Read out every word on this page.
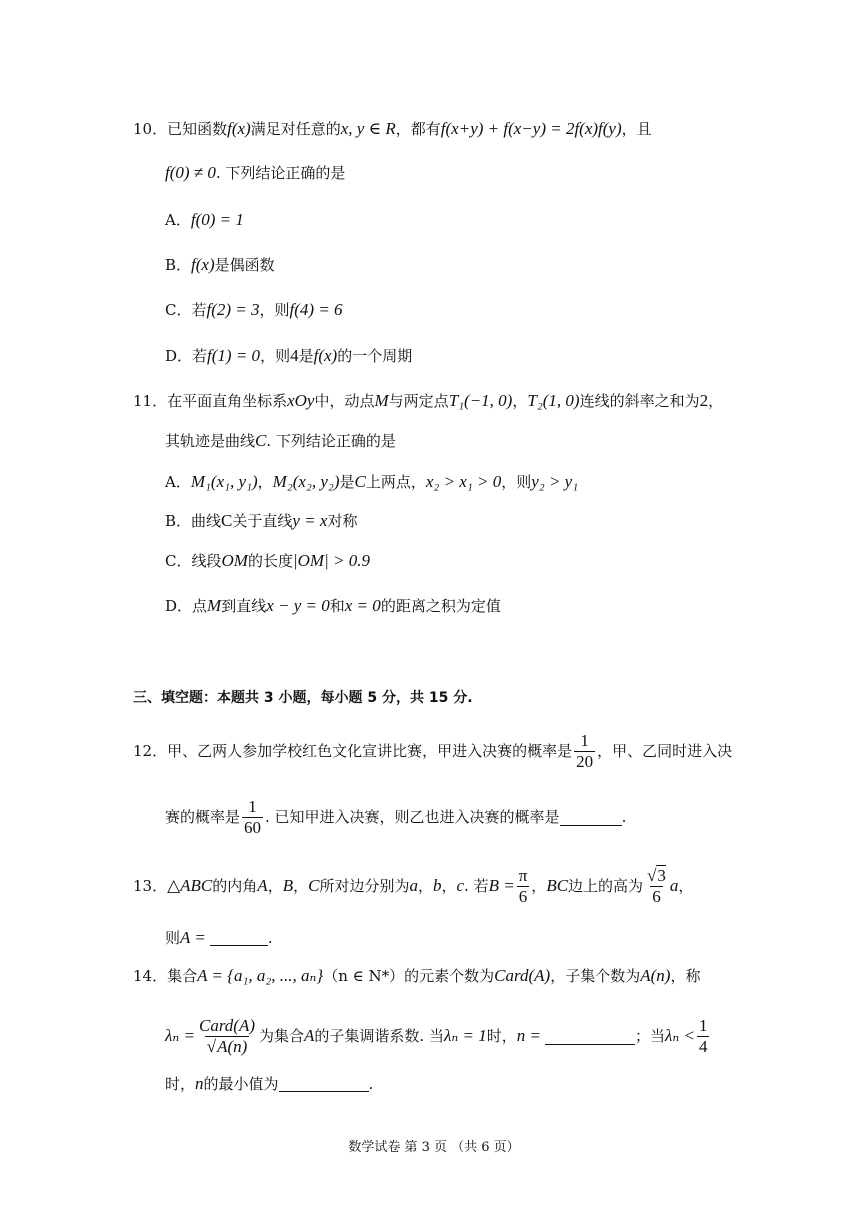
10．已知函数f(x)满足对任意的x, y ∈ R，都有f(x+y) + f(x−y) = 2f(x)f(y)，且
f(0) ≠ 0. 下列结论正确的是
A．f(0) = 1
B．f(x)是偶函数
C．若f(2) = 3，则f(4) = 6
D．若f(1) = 0，则4是f(x)的一个周期
11．在平面直角坐标系xOy中，动点M与两定点T₁(−1, 0)，T₂(1, 0)连线的斜率之和为2，
其轨迹是曲线C. 下列结论正确的是
A．M₁(x₁, y₁)，M₂(x₂, y₂)是C上两点，x₂ > x₁ > 0，则y₂ > y₁
B．曲线C关于直线y = x对称
C．线段OM的长度|OM| > 0.9
D．点M到直线x − y = 0和x = 0的距离之积为定值
三、填空题：本题共 3 小题，每小题 5 分，共 15 分.
12． 甲、乙两人参加学校红色文化宣讲比赛，甲进入决赛的概率是 $\frac{1}{20}$ ，甲、乙同时进入决
赛的概率是 $\frac{1}{60}$ . 已知甲进入决赛，则乙也进入决赛的概率是	.
13． △ABC 的内角 A ， B ， C 所对边分别为 a ， b ， c . 若 $B = \frac{\pi}{6}$ ， BC 边上的高为 $\frac{√3}{6}$ a ，
则A =	.
14．集合A = {a₁, a₂, ..., aₙ}（n ∈ N*）的元素个数为Card(A)，子集个数为A(n)，称
$\lambda_n = \frac{\text{Card(A)}}{√A(n)}$ 为集合 A 的子集调谐系数. 当 λₙ = 1 时， n =	；当 $\lambda_n < \frac{1}{4}$
时，n的最小值为	.
数学试卷 第 3 页 （共 6 页）
